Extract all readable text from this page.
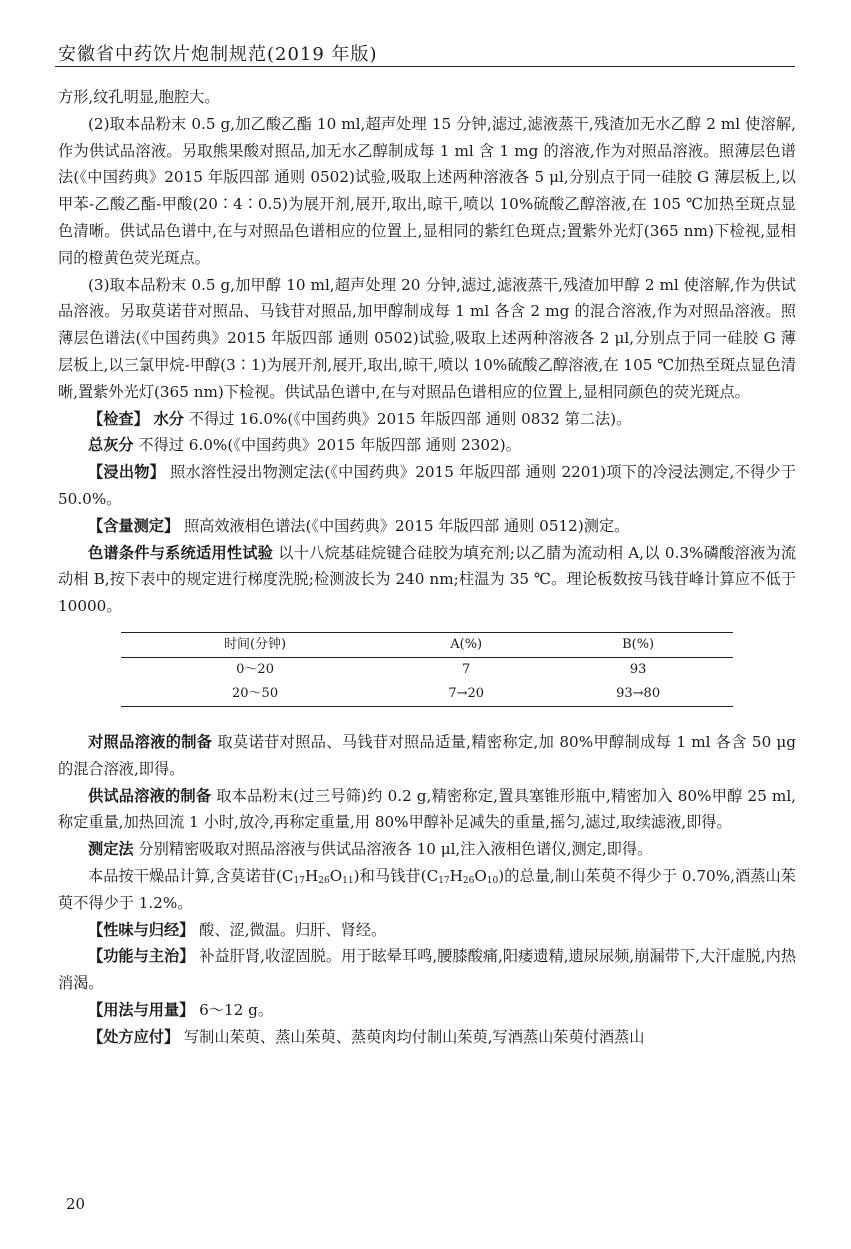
安徽省中药饮片炮制规范(2019 年版)

方形,纹孔明显,胞腔大。

(2)取本品粉末 0.5 g,加乙酸乙酯 10 ml,超声处理 15 分钟,滤过,滤液蒸干,残渣加无水乙醇 2 ml 使溶解,作为供试品溶液。另取熊果酸对照品,加无水乙醇制成每 1 ml 含 1 mg 的溶液,作为对照品溶液。照薄层色谱法(《中国药典》2015 年版四部 通则 0502)试验,吸取上述两种溶液各 5 μl,分别点于同一硅胶 G 薄层板上,以甲苯-乙酸乙酯-甲酸(20∶4∶0.5)为展开剂,展开,取出,晾干,喷以 10%硫酸乙醇溶液,在 105 ℃加热至斑点显色清晰。供试品色谱中,在与对照品色谱相应的位置上,显相同的紫红色斑点;置紫外光灯(365 nm)下检视,显相同的橙黄色荧光斑点。

(3)取本品粉末 0.5 g,加甲醇 10 ml,超声处理 20 分钟,滤过,滤液蒸干,残渣加甲醇 2 ml 使溶解,作为供试品溶液。另取莫诺苷对照品、马钱苷对照品,加甲醇制成每 1 ml 各含 2 mg 的混合溶液,作为对照品溶液。照薄层色谱法(《中国药典》2015 年版四部 通则 0502)试验,吸取上述两种溶液各 2 μl,分别点于同一硅胶 G 薄层板上,以三氯甲烷-甲醇(3∶1)为展开剂,展开,取出,晾干,喷以 10%硫酸乙醇溶液,在 105 ℃加热至斑点显色清晰,置紫外光灯(365 nm)下检视。供试品色谱中,在与对照品色谱相应的位置上,显相同颜色的荧光斑点。

【检查】 水分 不得过 16.0%(《中国药典》2015 年版四部 通则 0832 第二法)。

总灰分 不得过 6.0%(《中国药典》2015 年版四部 通则 2302)。

【浸出物】 照水溶性浸出物测定法(《中国药典》2015 年版四部 通则 2201)项下的冷浸法测定,不得少于 50.0%。

【含量测定】 照高效液相色谱法(《中国药典》2015 年版四部 通则 0512)测定。

色谱条件与系统适用性试验 以十八烷基硅烷键合硅胶为填充剂;以乙腈为流动相 A,以 0.3%磷酸溶液为流动相 B,按下表中的规定进行梯度洗脱;检测波长为 240 nm;柱温为 35 ℃。理论板数按马钱苷峰计算应不低于 10000。

时间(分钟)	A(%)	B(%)
0～20	7	93
20～50	7→20	93→80

对照品溶液的制备 取莫诺苷对照品、马钱苷对照品适量,精密称定,加 80%甲醇制成每 1 ml 各含 50 μg 的混合溶液,即得。

供试品溶液的制备 取本品粉末(过三号筛)约 0.2 g,精密称定,置具塞锥形瓶中,精密加入 80%甲醇 25 ml,称定重量,加热回流 1 小时,放冷,再称定重量,用 80%甲醇补足减失的重量,摇匀,滤过,取续滤液,即得。

测定法 分别精密吸取对照品溶液与供试品溶液各 10 μl,注入液相色谱仪,测定,即得。

本品按干燥品计算,含莫诺苷$(C_{17}H_{26}O_{11})$和马钱苷$(C_{17}H_{26}O_{10})$的总量,制山茱萸不得少于 0.70%,酒蒸山茱萸不得少于 1.2%。

【性味与归经】 酸、涩,微温。归肝、肾经。

【功能与主治】 补益肝肾,收涩固脱。用于眩晕耳鸣,腰膝酸痛,阳痿遗精,遗尿尿频,崩漏带下,大汗虚脱,内热消渴。

【用法与用量】 6～12 g。

【处方应付】 写制山茱萸、蒸山茱萸、蒸萸肉均付制山茱萸,写酒蒸山茱萸付酒蒸山

20
